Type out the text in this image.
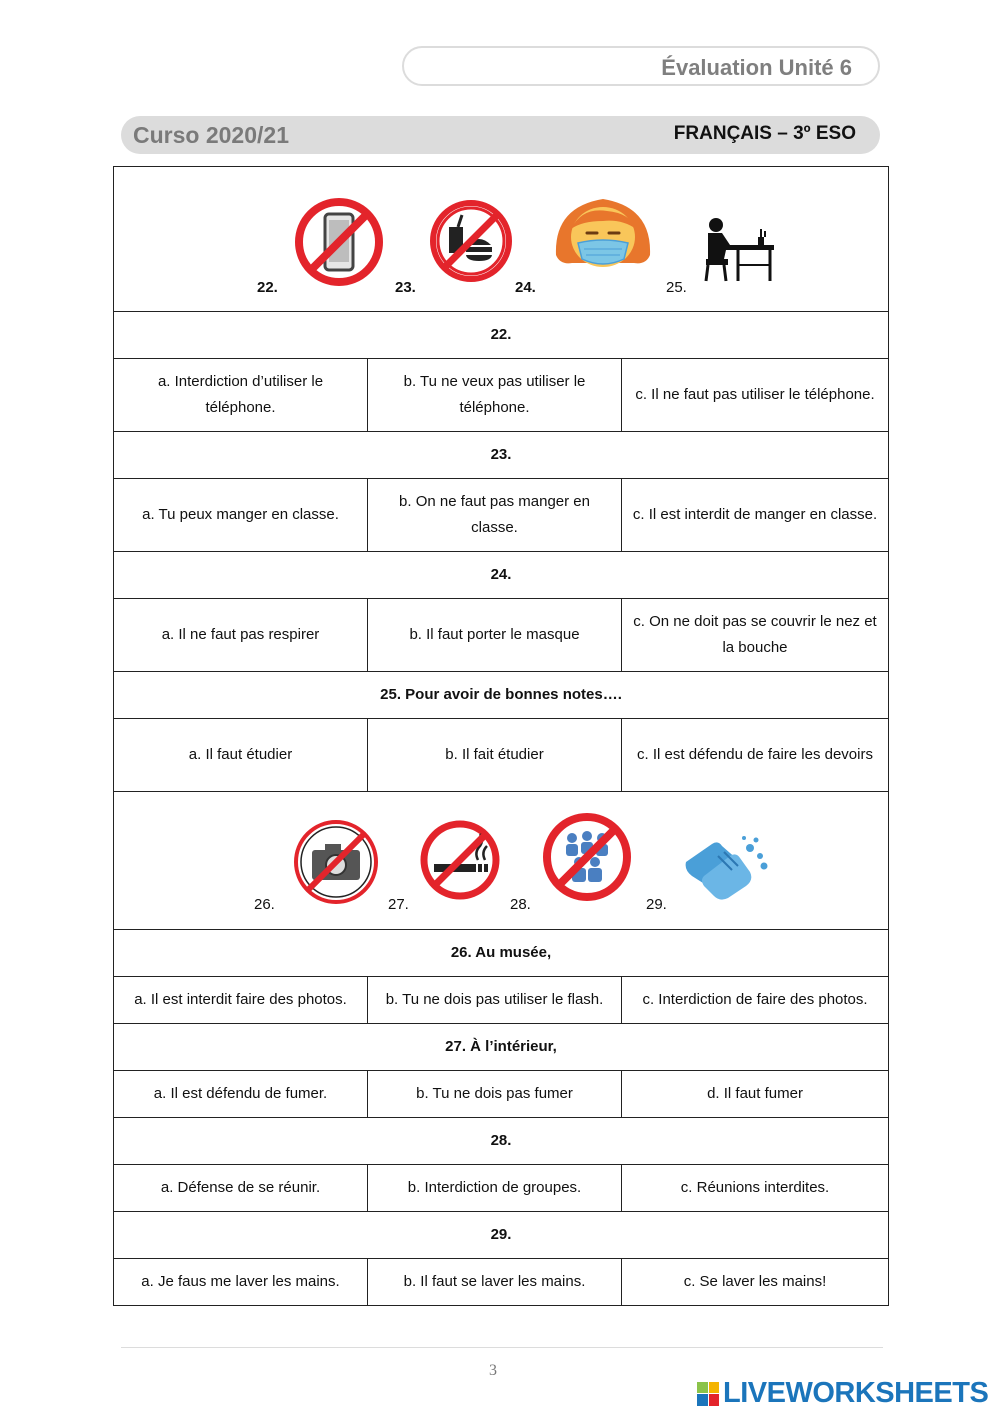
Évaluation Unité 6
Curso 2020/21	FRANÇAIS – 3º ESO
22. 23. 24. 25.		

22.		
a. Interdiction d’utiliser le téléphone.	b. Tu ne veux pas utiliser le téléphone.	c. Il ne faut pas utiliser le téléphone.
23.		
a. Tu peux manger en classe.	b. On ne faut pas manger en classe.	c. Il est interdit de manger en classe.
24.		
a. Il ne faut pas respirer	b. Il faut porter le masque	c. On ne doit pas se couvrir le nez et la bouche
25. Pour avoir de bonnes notes….		
a. Il faut étudier	b. Il fait étudier	c. Il est défendu de faire les devoirs

26. 27. 28. 29.		

26. Au musée,		
a. Il est interdit faire des photos.	b. Tu ne dois pas utiliser le flash.	c. Interdiction de faire des photos.
27. À l’intérieur,		
a. Il est défendu de fumer.	b. Tu ne dois pas fumer	d. Il faut fumer
28.		
a. Défense de se réunir.	b. Interdiction de groupes.	c. Réunions interdites.
29.		
a. Je faus me laver les mains.	b. Il faut se laver les mains.	c. Se laver les mains!
3
LIVEWORKSHEETS
